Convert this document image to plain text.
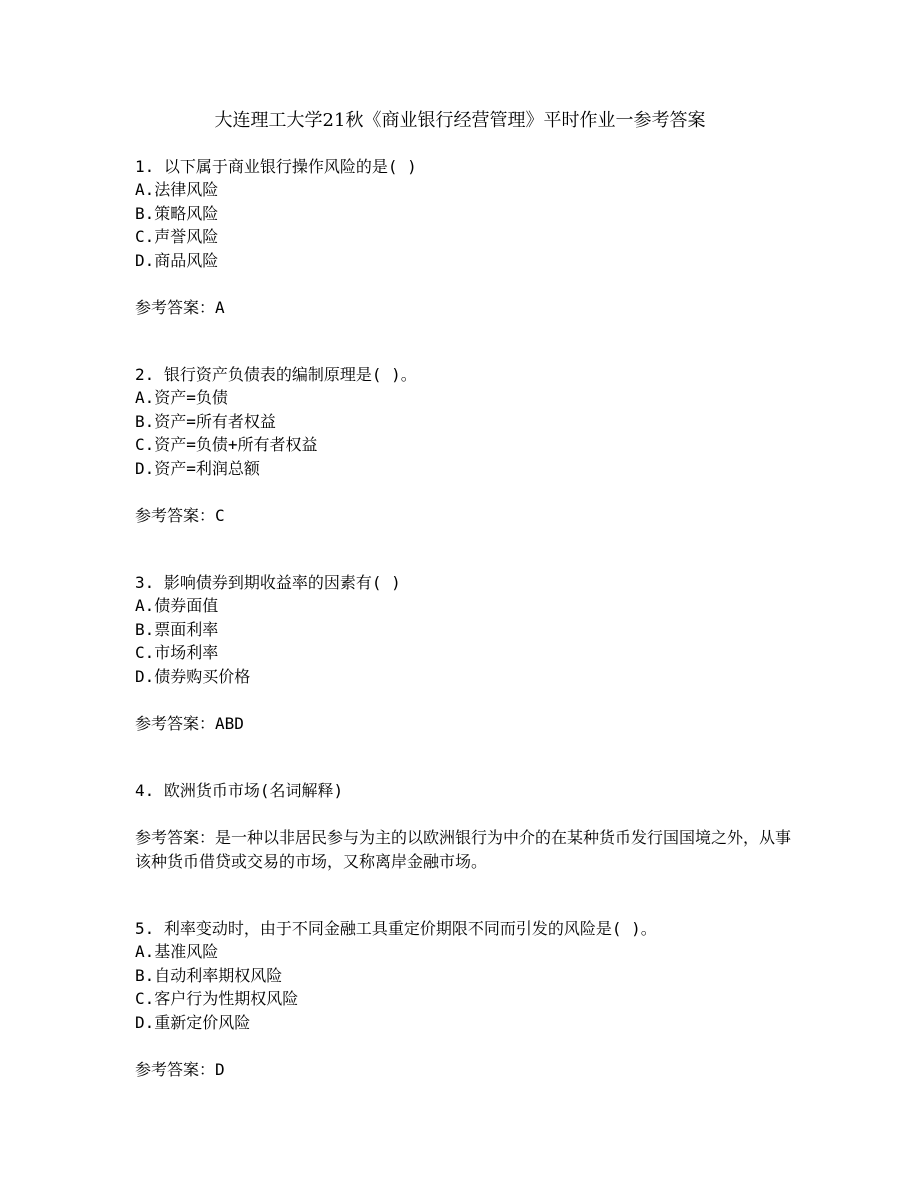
大连理工大学21秋《商业银行经营管理》平时作业一参考答案
1. 以下属于商业银行操作风险的是( )
A.法律风险
B.策略风险
C.声誉风险
D.商品风险
参考答案：A
2. 银行资产负债表的编制原理是( )。
A.资产=负债
B.资产=所有者权益
C.资产=负债+所有者权益
D.资产=利润总额
参考答案：C
3. 影响债券到期收益率的因素有( )
A.债券面值
B.票面利率
C.市场利率
D.债券购买价格
参考答案：ABD
4. 欧洲货币市场(名词解释)
参考答案：是一种以非居民参与为主的以欧洲银行为中介的在某种货币发行国国境之外，从事该种货币借贷或交易的市场，又称离岸金融市场。
5. 利率变动时，由于不同金融工具重定价期限不同而引发的风险是( )。
A.基准风险
B.自动利率期权风险
C.客户行为性期权风险
D.重新定价风险
参考答案：D
